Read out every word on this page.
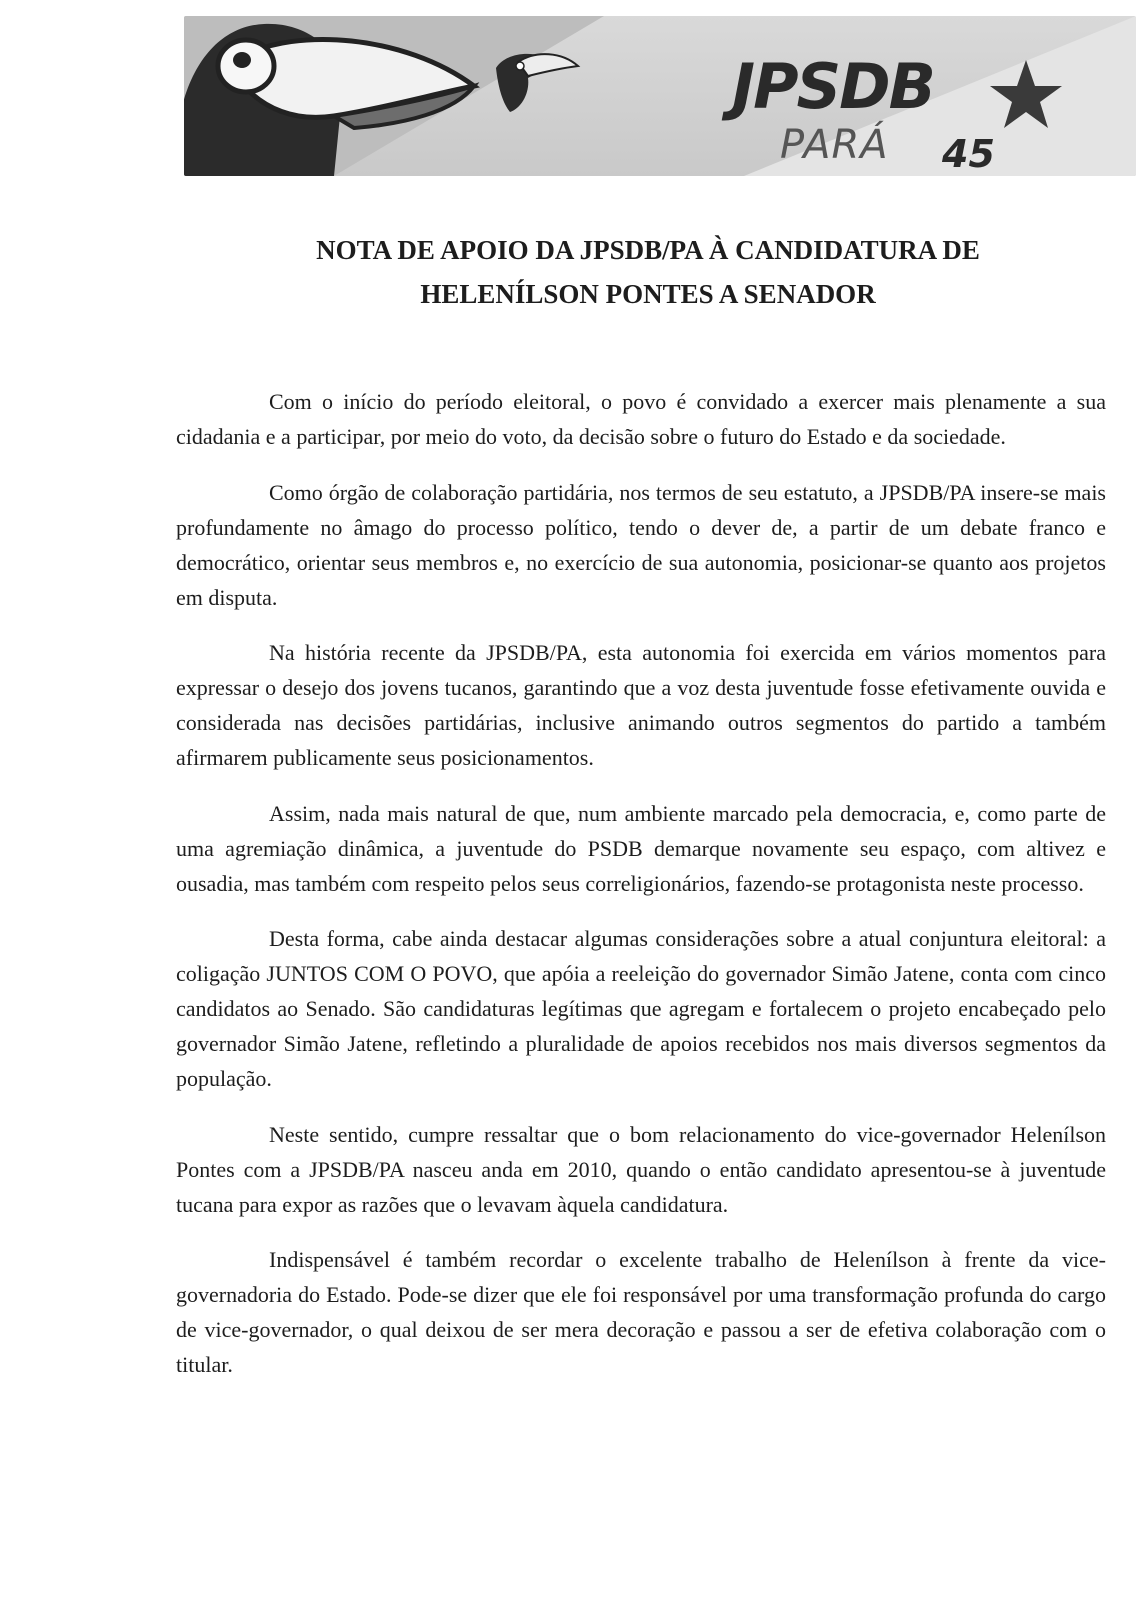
JPSDB
PARÁ 45
NOTA DE APOIO DA JPSDB/PA À CANDIDATURA DE
HELENÍLSON PONTES A SENADOR

Com o início do período eleitoral, o povo é convidado a exercer mais plenamente a sua cidadania e a participar, por meio do voto, da decisão sobre o futuro do Estado e da sociedade.

Como órgão de colaboração partidária, nos termos de seu estatuto, a JPSDB/PA insere-se mais profundamente no âmago do processo político, tendo o dever de, a partir de um debate franco e democrático, orientar seus membros e, no exercício de sua autonomia, posicionar-se quanto aos projetos em disputa.

Na história recente da JPSDB/PA, esta autonomia foi exercida em vários momentos para expressar o desejo dos jovens tucanos, garantindo que a voz desta juventude fosse efetivamente ouvida e considerada nas decisões partidárias, inclusive animando outros segmentos do partido a também afirmarem publicamente seus posicionamentos.

Assim, nada mais natural de que, num ambiente marcado pela democracia, e, como parte de uma agremiação dinâmica, a juventude do PSDB demarque novamente seu espaço, com altivez e ousadia, mas também com respeito pelos seus correligionários, fazendo-se protagonista neste processo.

Desta forma, cabe ainda destacar algumas considerações sobre a atual conjuntura eleitoral: a coligação JUNTOS COM O POVO, que apóia a reeleição do governador Simão Jatene, conta com cinco candidatos ao Senado. São candidaturas legítimas que agregam e fortalecem o projeto encabeçado pelo governador Simão Jatene, refletindo a pluralidade de apoios recebidos nos mais diversos segmentos da população.

Neste sentido, cumpre ressaltar que o bom relacionamento do vice-governador Helenílson Pontes com a JPSDB/PA nasceu anda em 2010, quando o então candidato apresentou-se à juventude tucana para expor as razões que o levavam àquela candidatura.

Indispensável é também recordar o excelente trabalho de Helenílson à frente da vice-governadoria do Estado. Pode-se dizer que ele foi responsável por uma transformação profunda do cargo de vice-governador, o qual deixou de ser mera decoração e passou a ser de efetiva colaboração com o titular.
